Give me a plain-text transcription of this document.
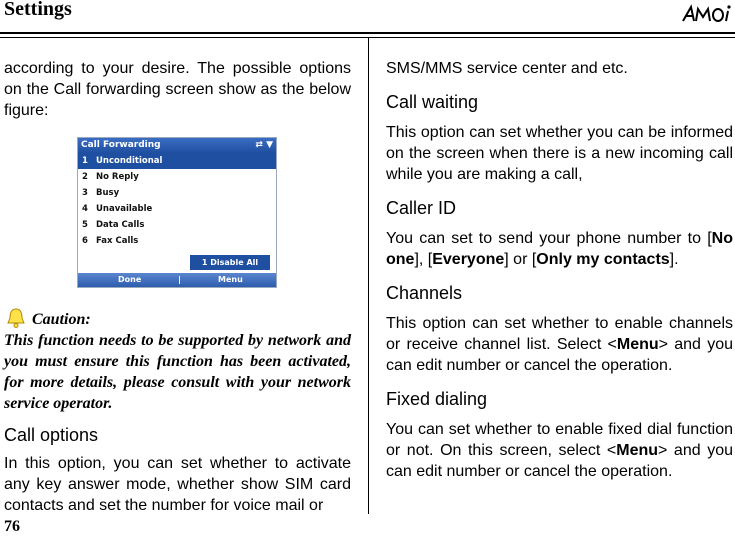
Settings

according to your desire. The possible options on the Call forwarding screen show as the below figure:

Call Forwarding	⇄ ▼
1 Unconditional
2 No Reply
3 Busy
4 Unavailable
5 Data Calls
6 Fax Calls
1 Disable All
Done	|	Menu
Caution:
This function needs to be supported by network and you must ensure this function has been activated, for more details, please consult with your network service operator.
Call options

In this option, you can set whether to activate any key answer mode, whether show SIM card contacts and set the number for voice mail or

SMS/MMS service center and etc.

Call waiting

This option can set whether you can be informed on the screen when there is a new incoming call while you are making a call,

Caller ID

You can set to send your phone number to [No one], [Everyone] or [Only my contacts].

Channels

This option can set whether to enable channels or receive channel list. Select <Menu> and you can edit number or cancel the operation.

Fixed dialing

You can set whether to enable fixed dial function or not. On this screen, select <Menu> and you can edit number or cancel the operation.

76
